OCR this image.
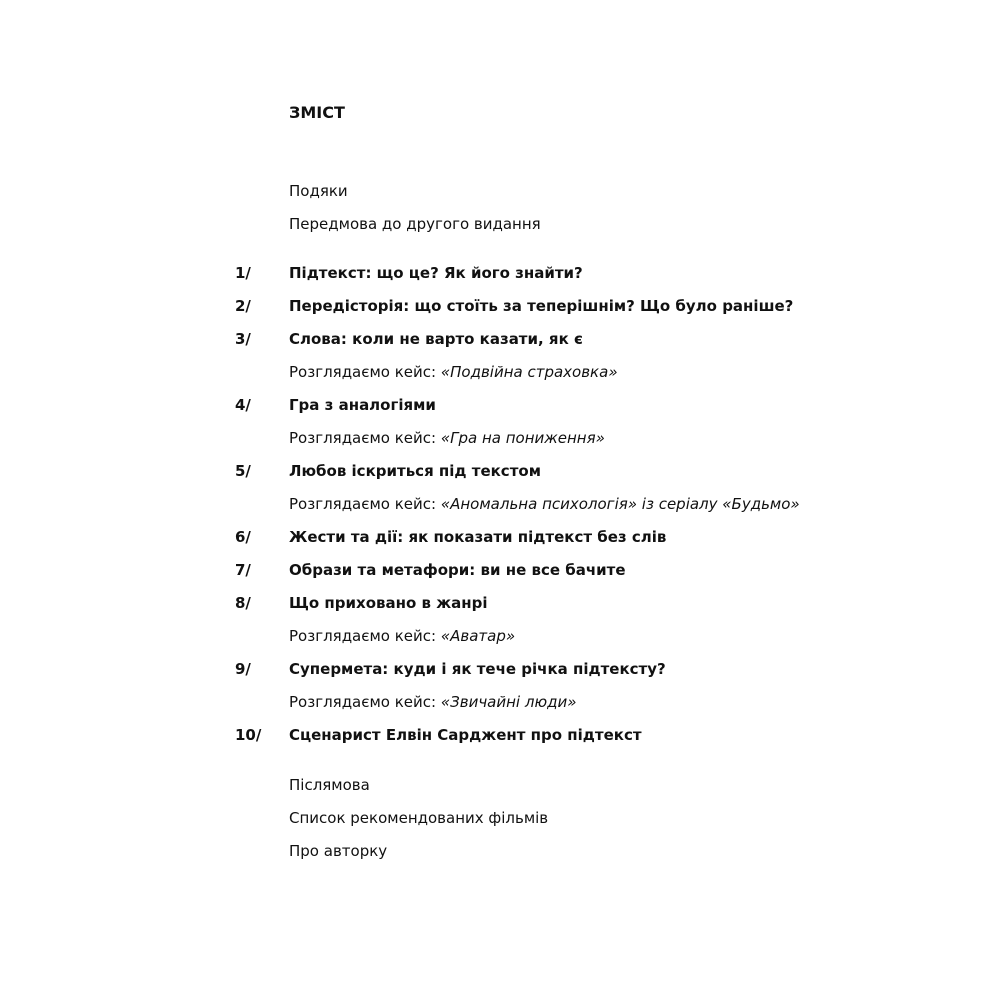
ЗМІСТ
Подяки
Передмова до другого видання
1/	Підтекст: що це? Як його знайти?
2/	Передісторія: що стоїть за теперішнім? Що було раніше?
3/	Слова: коли не варто казати, як є
Розглядаємо кейс: «Подвійна страховка»
4/	Гра з аналогіями
Розглядаємо кейс: «Гра на пониження»
5/	Любов іскриться під текстом
Розглядаємо кейс: «Аномальна психологія» із серіалу «Будьмо»
6/	Жести та дії: як показати підтекст без слів
7/	Образи та метафори: ви не все бачите
8/	Що приховано в жанрі
Розглядаємо кейс: «Аватар»
9/	Супермета: куди і як тече річка підтексту?
Розглядаємо кейс: «Звичайні люди»
10/ Сценарист Елвін Сарджент про підтекст
Післямова
Список рекомендованих фільмів
Про авторку
